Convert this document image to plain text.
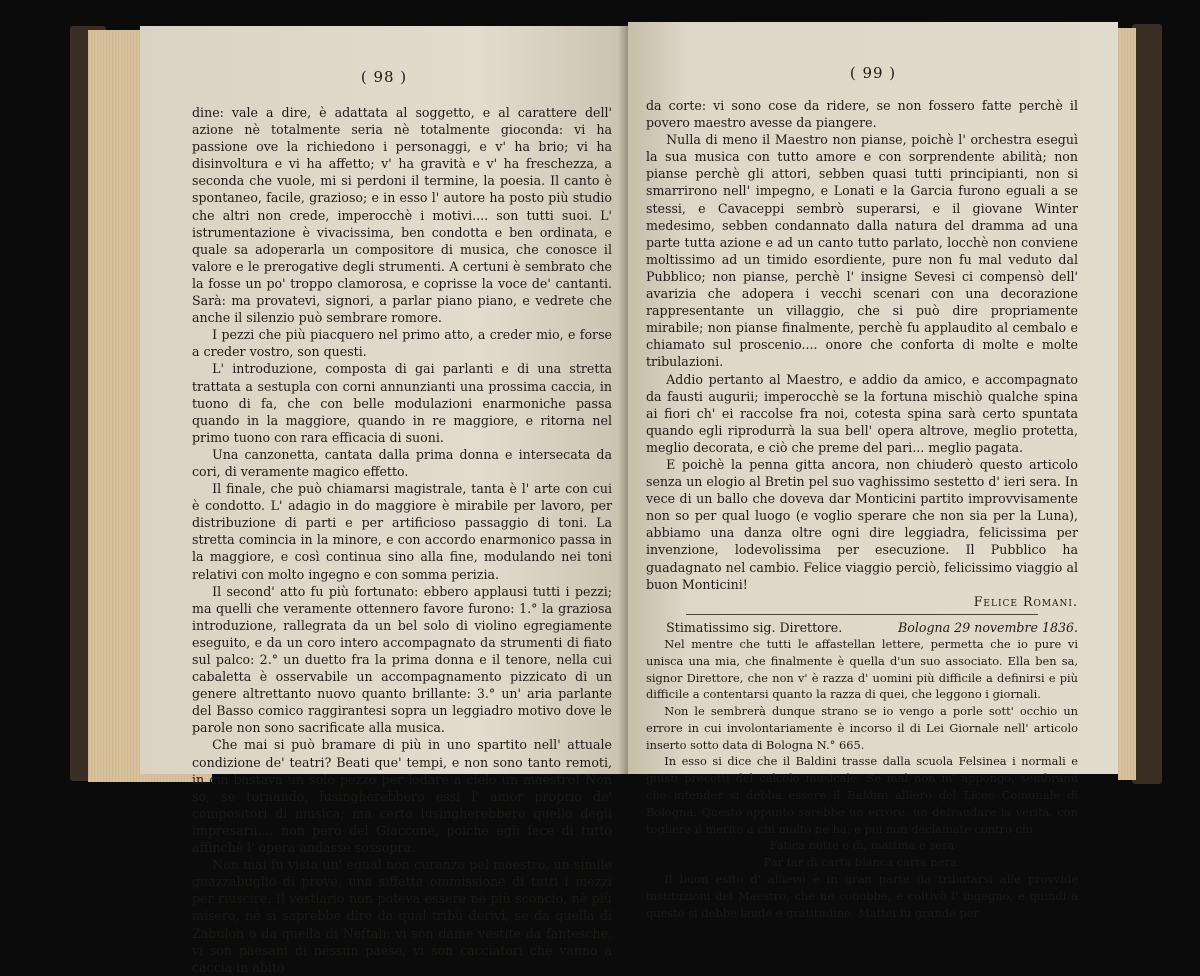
( 98 )

dine: vale a dire, è adattata al soggetto, e al carattere dell' azione nè totalmente seria nè totalmente gioconda: vi ha passione ove la richiedono i personaggi, e v' ha brio; vi ha disinvoltura e vi ha affetto; v' ha gravità e v' ha freschezza, a seconda che vuole, mi si perdoni il termine, la poesia. Il canto è spontaneo, facile, grazioso; e in esso l' autore ha posto più studio che altri non crede, imperocchè i motivi.... son tutti suoi. L' istrumentazione è vivacissima, ben condotta e ben ordinata, e quale sa adoperarla un compositore di musica, che conosce il valore e le prerogative degli strumenti. A certuni è sembrato che la fosse un po' troppo clamorosa, e coprisse la voce de' cantanti. Sarà: ma provatevi, signori, a parlar piano piano, e vedrete che anche il silenzio può sembrare romore.

I pezzi che più piacquero nel primo atto, a creder mio, e forse a creder vostro, son questi.

L' introduzione, composta di gai parlanti e di una stretta trattata a sestupla con corni annunzianti una prossima caccia, in tuono di fa, che con belle modulazioni enarmoniche passa quando in la maggiore, quando in re maggiore, e ritorna nel primo tuono con rara efficacia di suoni.

Una canzonetta, cantata dalla prima donna e intersecata da cori, di veramente magico effetto.

Il finale, che può chiamarsi magistrale, tanta è l' arte con cui è condotto. L' adagio in do maggiore è mirabile per lavoro, per distribuzione di parti e per artificioso passaggio di toni. La stretta comincia in la minore, e con accordo enarmonico passa in la maggiore, e così continua sino alla fine, modulando nei toni relativi con molto ingegno e con somma perizia.

Il second' atto fu più fortunato: ebbero applausi tutti i pezzi; ma quelli che veramente ottennero favore furono: 1.° la graziosa introduzione, rallegrata da un bel solo di violino egregiamente eseguito, e da un coro intero accompagnato da strumenti di fiato sul palco: 2.° un duetto fra la prima donna e il tenore, nella cui cabaletta è osservabile un accompagnamento pizzicato di un genere altrettanto nuovo quanto brillante: 3.° un' aria parlante del Basso comico raggirantesi sopra un leggiadro motivo dove le parole non sono sacrificate alla musica.

Che mai si può bramare di più in uno spartito nell' attuale condizione de' teatri? Beati que' tempi, e non sono tanto remoti, in cui bastava un solo pezzo per lodare a cielo un maestro! Non so, se tornando, lusingherebbero essi l' amor proprio de' compositori di musica; ma certo lusingherebbero quello degli impresarii.... non però del Giaccone, poichè egli fece di tutto affinchè l' opera andasse sossopra.

Non mai fu vista un' egual non curanza pel maestro, un simile guazzabuglio di prove, una siffatta ommissione di tutti i mezzi per riuscire. Il vestiario non poteva essere nè più sconcio, nè più misero, nè si saprebbe dire da qual tribù derivi, se da quella di Zabulon o da quella di Neftali: vi son dame vestite da fantesche, vi son paesani di nessun paese, vi son cacciatori che vanno a caccia in abito

( 99 )

da corte: vi sono cose da ridere, se non fossero fatte perchè il povero maestro avesse da piangere.

Nulla di meno il Maestro non pianse, poichè l' orchestra eseguì la sua musica con tutto amore e con sorprendente abilità; non pianse perchè gli attori, sebben quasi tutti principianti, non si smarrirono nell' impegno, e Lonati e la Garcia furono eguali a se stessi, e Cavaceppi sembrò superarsi, e il giovane Winter medesimo, sebben condannato dalla natura del dramma ad una parte tutta azione e ad un canto tutto parlato, locchè non conviene moltissimo ad un timido esordiente, pure non fu mal veduto dal Pubblico; non pianse, perchè l' insigne Sevesi ci compensò dell' avarizia che adopera i vecchi scenari con una decorazione rappresentante un villaggio, che si può dire propriamente mirabile; non pianse finalmente, perchè fu applaudito al cembalo e chiamato sul proscenio.... onore che conforta di molte e molte tribulazioni.

Addio pertanto al Maestro, e addio da amico, e accompagnato da fausti augurii; imperocchè se la fortuna mischiò qualche spina ai fiori ch' ei raccolse fra noi, cotesta spina sarà certo spuntata quando egli riprodurrà la sua bell' opera altrove, meglio protetta, meglio decorata, e ciò che preme del pari... meglio pagata.

E poichè la penna gitta ancora, non chiuderò questo articolo senza un elogio al Bretin pel suo vaghissimo sestetto d' ieri sera. In vece di un ballo che doveva dar Monticini partito improvvisamente non so per qual luogo (e voglio sperare che non sia per la Luna), abbiamo una danza oltre ogni dire leggiadra, felicissima per invenzione, lodevolissima per esecuzione. Il Pubblico ha guadagnato nel cambio. Felice viaggio perciò, felicissimo viaggio al buon Monticini!

Felice Romani.

Stimatissimo sig. Direttore.	Bologna 29 novembre 1836.

Nel mentre che tutti le affastellan lettere, permetta che io pure vi unisca una mia, che finalmente è quella d'un suo associato. Ella ben sa, signor Direttore, che non v' è razza d' uomini più difficile a definirsi e più difficile a contentarsi quanto la razza di quei, che leggono i giornali.

Non le sembrerà dunque strano se io vengo a porle sott' occhio un errore in cui involontariamente è incorso il di Lei Giornale nell' articolo inserto sotto data di Bologna N.° 665.

In esso si dice che il Baldini trasse dalla scuola Felsinea i normali e giusti precetti del calcolo musicale. Se mal non m' appongo, sembrami che intender si debba essere il Baldini alliero del Liceo Comunale di Bologna. Questo appunto sarebbe un errore, un defraudare la verità, con togliere il merito a chi molto ne ha: e poi non declamate contro chi

Fatica notte e dì, mattina e sera

Par far di carta bianca carta nera.

Il buon esito d' allievo è in gran parte da tributarsi alle provvide instituzioni del Maestro, che ne conobbe, e coltivò l' ingegno, e quindi a questo si debbe laude e gratitudine. Mattei fu grande per
